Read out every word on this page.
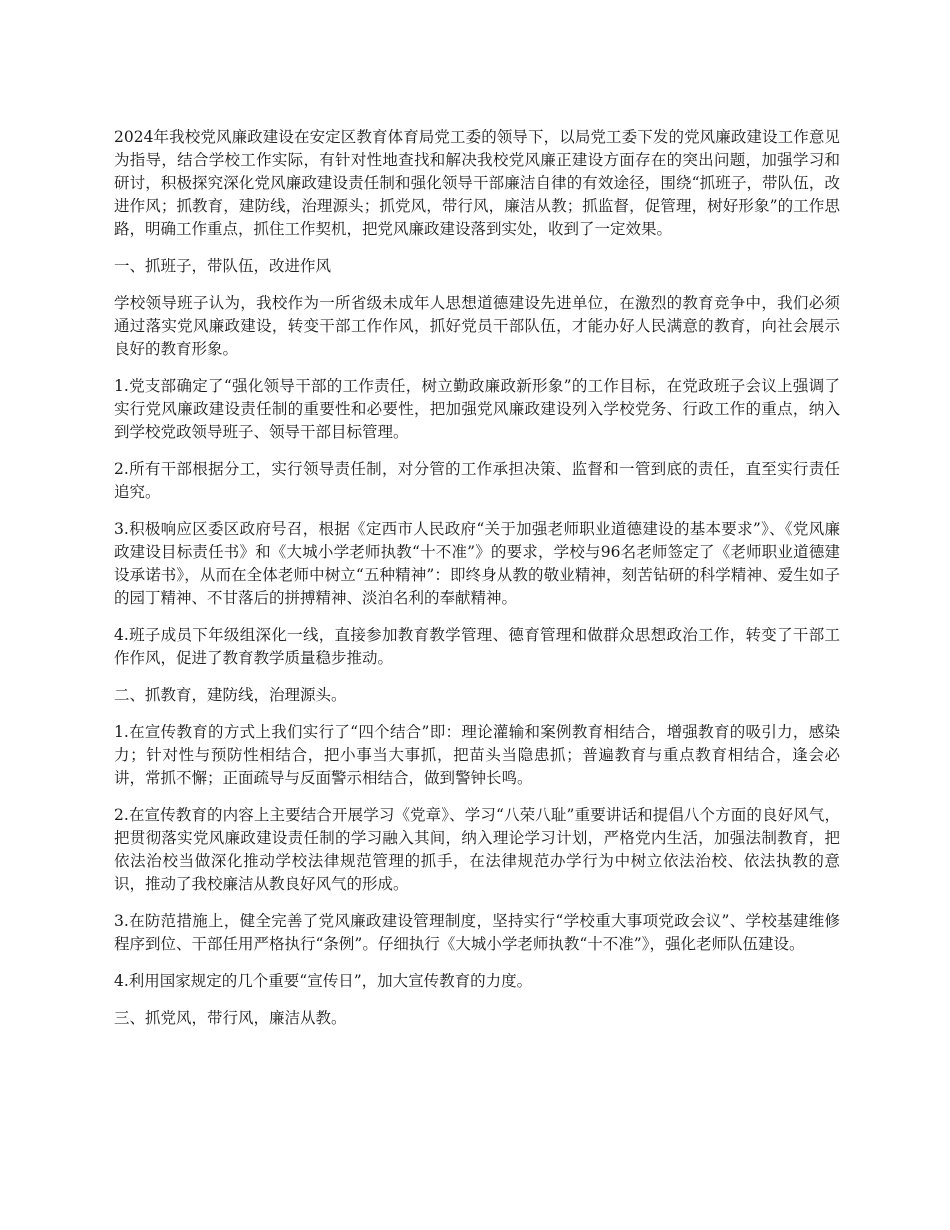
2024年我校党风廉政建设在安定区教育体育局党工委的领导下，以局党工委下发的党风廉政建设工作意见为指导，结合学校工作实际，有针对性地查找和解决我校党风廉正建设方面存在的突出问题，加强学习和研讨，积极探究深化党风廉政建设责任制和强化领导干部廉洁自律的有效途径，围绕“抓班子，带队伍，改进作风；抓教育，建防线，治理源头；抓党风，带行风，廉洁从教；抓监督，促管理，树好形象”的工作思路，明确工作重点，抓住工作契机，把党风廉政建设落到实处，收到了一定效果。

一、抓班子，带队伍，改进作风

学校领导班子认为，我校作为一所省级未成年人思想道德建设先进单位，在激烈的教育竞争中，我们必须通过落实党风廉政建设，转变干部工作作风，抓好党员干部队伍，才能办好人民满意的教育，向社会展示良好的教育形象。

1.党支部确定了“强化领导干部的工作责任，树立勤政廉政新形象”的工作目标，在党政班子会议上强调了实行党风廉政建设责任制的重要性和必要性，把加强党风廉政建设列入学校党务、行政工作的重点，纳入到学校党政领导班子、领导干部目标管理。

2.所有干部根据分工，实行领导责任制，对分管的工作承担决策、监督和一管到底的责任，直至实行责任追究。

3.积极响应区委区政府号召，根据《定西市人民政府“关于加强老师职业道德建设的基本要求”》、《党风廉政建设目标责任书》和《大城小学老师执教“十不准”》的要求，学校与96名老师签定了《老师职业道德建设承诺书》，从而在全体老师中树立“五种精神”：即终身从教的敬业精神，刻苦钻研的科学精神、爱生如子的园丁精神、不甘落后的拼搏精神、淡泊名利的奉献精神。

4.班子成员下年级组深化一线，直接参加教育教学管理、德育管理和做群众思想政治工作，转变了干部工作作风，促进了教育教学质量稳步推动。

二、抓教育，建防线，治理源头。

1.在宣传教育的方式上我们实行了“四个结合”即：理论灌输和案例教育相结合，增强教育的吸引力，感染力；针对性与预防性相结合，把小事当大事抓，把苗头当隐患抓；普遍教育与重点教育相结合，逢会必讲，常抓不懈；正面疏导与反面警示相结合，做到警钟长鸣。

2.在宣传教育的内容上主要结合开展学习《党章》、学习“八荣八耻”重要讲话和提倡八个方面的良好风气，把贯彻落实党风廉政建设责任制的学习融入其间，纳入理论学习计划，严格党内生活，加强法制教育，把依法治校当做深化推动学校法律规范管理的抓手，在法律规范办学行为中树立依法治校、依法执教的意识，推动了我校廉洁从教良好风气的形成。

3.在防范措施上，健全完善了党风廉政建设管理制度，坚持实行“学校重大事项党政会议”、学校基建维修程序到位、干部任用严格执行“条例”。仔细执行《大城小学老师执教“十不准”》，强化老师队伍建设。

4.利用国家规定的几个重要“宣传日”，加大宣传教育的力度。

三、抓党风，带行风，廉洁从教。
